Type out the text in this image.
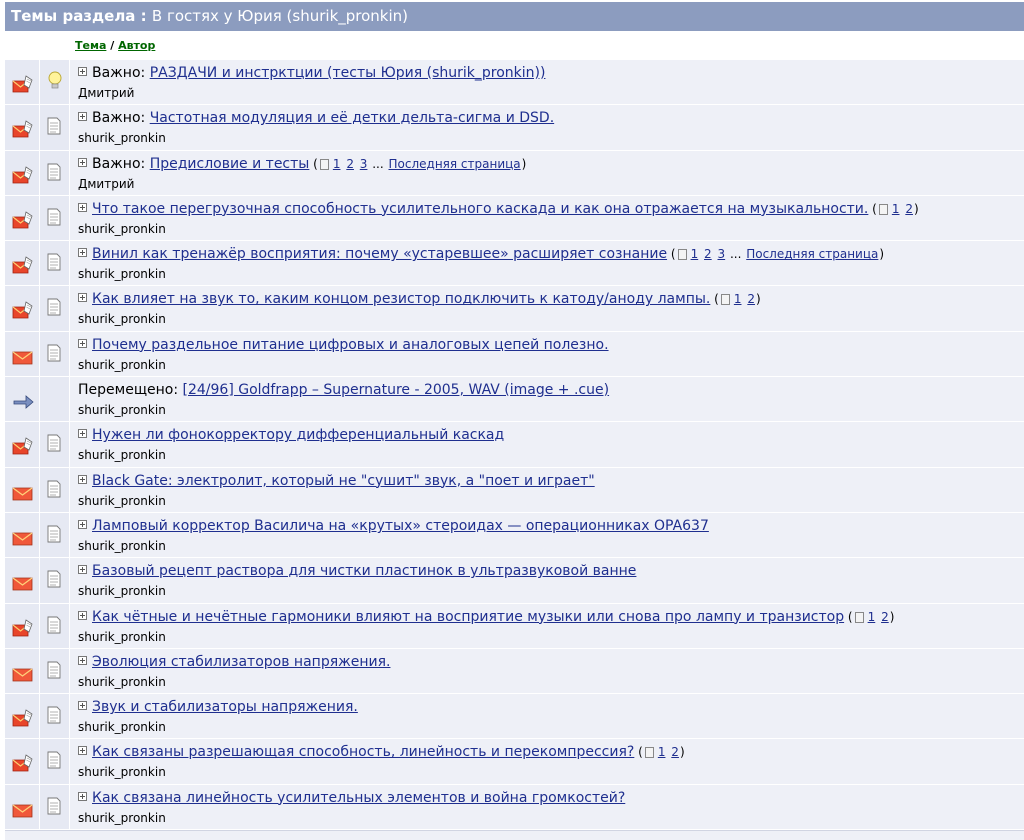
Темы раздела : В гостях у Юрия (shurik_pronkin)
Тема / Автор
Важно: РАЗДАЧИ и инстрктции (тесты Юрия (shurik_pronkin))
Дмитрий
Важно: Частотная модуляция и её детки дельта-сигма и DSD.
shurik_pronkin
Важно: Предисловие и тесты ( 1 2 3 ... Последняя страница)
Дмитрий
Что такое перегрузочная способность усилительного каскада и как она отражается на музыкальности. ( 1 2)
shurik_pronkin
Винил как тренажёр восприятия: почему «устаревшее» расширяет сознание ( 1 2 3 ... Последняя страница)
shurik_pronkin
Как влияет на звук то, каким концом резистор подключить к катоду/аноду лампы. ( 1 2)
shurik_pronkin
Почему раздельное питание цифровых и аналоговых цепей полезно.
shurik_pronkin
Перемещено: [24/96] Goldfrapp – Supernature - 2005, WAV (image + .cue)
shurik_pronkin
Нужен ли фонокорректору дифференциальный каскад
shurik_pronkin
Black Gate: электролит, который не "сушит" звук, а "поет и играет"
shurik_pronkin
Ламповый корректор Василича на «крутых» стероидах — операционниках OPA637
shurik_pronkin
Базовый рецепт раствора для чистки пластинок в ультразвуковой ванне
shurik_pronkin
Как чётные и нечётные гармоники влияют на восприятие музыки или снова про лампу и транзистор ( 1 2)
shurik_pronkin
Эволюция стабилизаторов напряжения.
shurik_pronkin
Звук и стабилизаторы напряжения.
shurik_pronkin
Как связаны разрешающая способность, линейность и перекомпрессия? ( 1 2)
shurik_pronkin
Как связана линейность усилительных элементов и война громкостей?
shurik_pronkin
